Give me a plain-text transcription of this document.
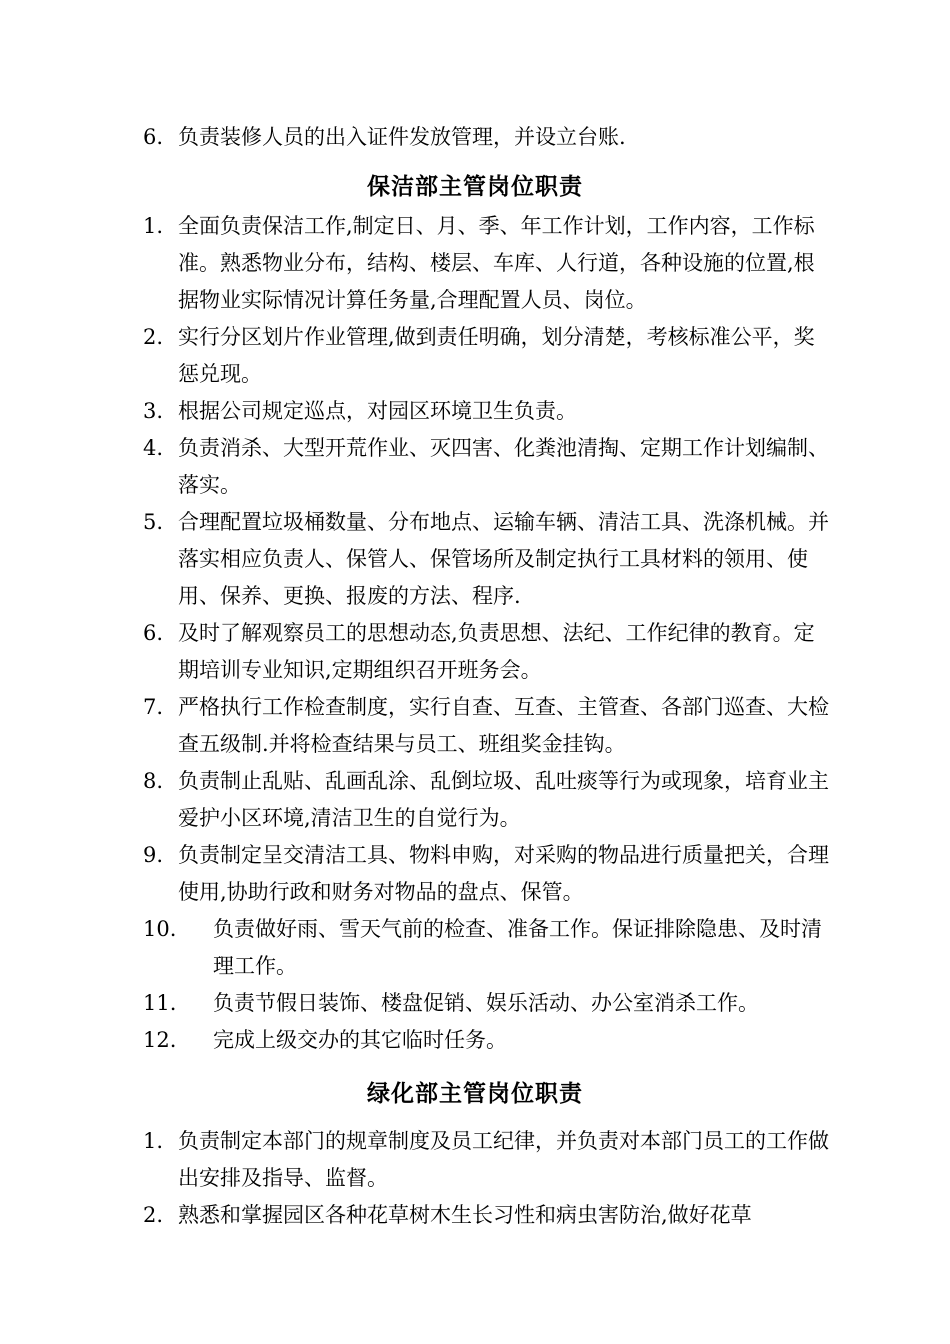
6. 负责装修人员的出入证件发放管理，并设立台账.
保洁部主管岗位职责
1. 全面负责保洁工作,制定日、月、季、年工作计划，工作内容，工作标准。熟悉物业分布，结构、楼层、车库、人行道，各种设施的位置,根据物业实际情况计算任务量,合理配置人员、岗位。
2. 实行分区划片作业管理,做到责任明确，划分清楚，考核标准公平，奖惩兑现。
3. 根据公司规定巡点，对园区环境卫生负责。
4. 负责消杀、大型开荒作业、灭四害、化粪池清掏、定期工作计划编制、落实。
5. 合理配置垃圾桶数量、分布地点、运输车辆、清洁工具、洗涤机械。并落实相应负责人、保管人、保管场所及制定执行工具材料的领用、使用、保养、更换、报废的方法、程序.
6. 及时了解观察员工的思想动态,负责思想、法纪、工作纪律的教育。定期培训专业知识,定期组织召开班务会。
7. 严格执行工作检查制度，实行自查、互查、主管查、各部门巡查、大检查五级制.并将检查结果与员工、班组奖金挂钩。
8. 负责制止乱贴、乱画乱涂、乱倒垃圾、乱吐痰等行为或现象，培育业主爱护小区环境,清洁卫生的自觉行为。
9. 负责制定呈交清洁工具、物料申购，对采购的物品进行质量把关，合理使用,协助行政和财务对物品的盘点、保管。
10. 负责做好雨、雪天气前的检查、准备工作。保证排除隐患、及时清理工作。
11. 负责节假日装饰、楼盘促销、娱乐活动、办公室消杀工作。
12. 完成上级交办的其它临时任务。
绿化部主管岗位职责
1. 负责制定本部门的规章制度及员工纪律，并负责对本部门员工的工作做出安排及指导、监督。
2. 熟悉和掌握园区各种花草树木生长习性和病虫害防治,做好花草
